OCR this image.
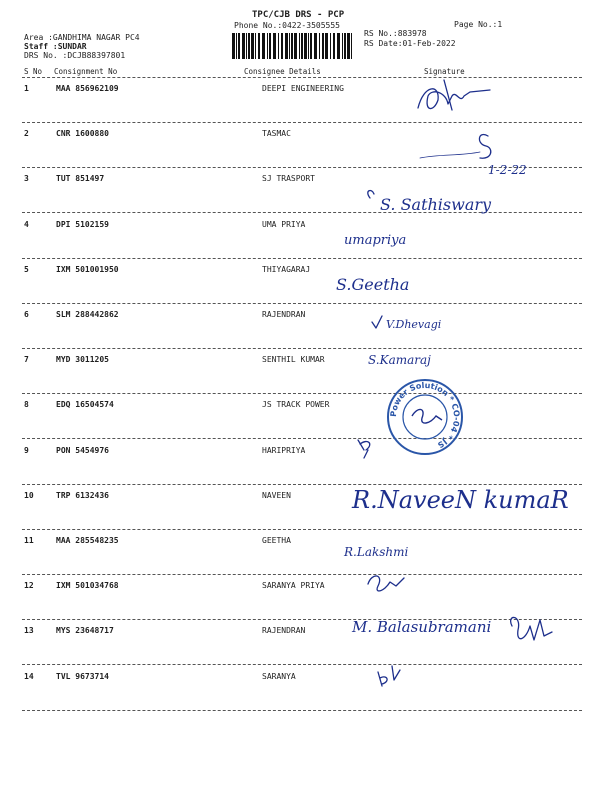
TPC/CJB DRS - PCP
Phone No.:0422-3505555	Page No.:1
Area :GANDHIMA NAGAR PC4
Staff :SUNDAR
DRS No. :DCJB88397801
RS No.:883978
RS Date:01-Feb-2022
S No Consignment No	Consignee Details	Signature
1	MAA 856962109	DEEPI ENGINEERING
2	CNR 1600880	TASMAC
3	TUT 851497	SJ TRASPORT
4	DPI 5102159	UMA PRIYA
5	IXM 501001950	THIYAGARAJ
6	SLM 288442862	RAJENDRAN
7	MYD 3011205	SENTHIL KUMAR
8	EDQ 16504574	JS TRACK POWER
9	PON 5454976	HARIPRIYA
10	TRP 6132436	NAVEEN
11	MAA 285548235	GEETHA
12	IXM 501034768	SARANYA PRIYA
13	MYS 23648717	RAJENDRAN
14	TVL 9673714	SARANYA
1-2-22
S. Sathiswary
umapriya
S.Geetha
V.Dhevagi
S.Kamaraj
R.NaveeN kumaR
R.Lakshmi
M. Balasubramani
Power Solution * CO-04 * JS
